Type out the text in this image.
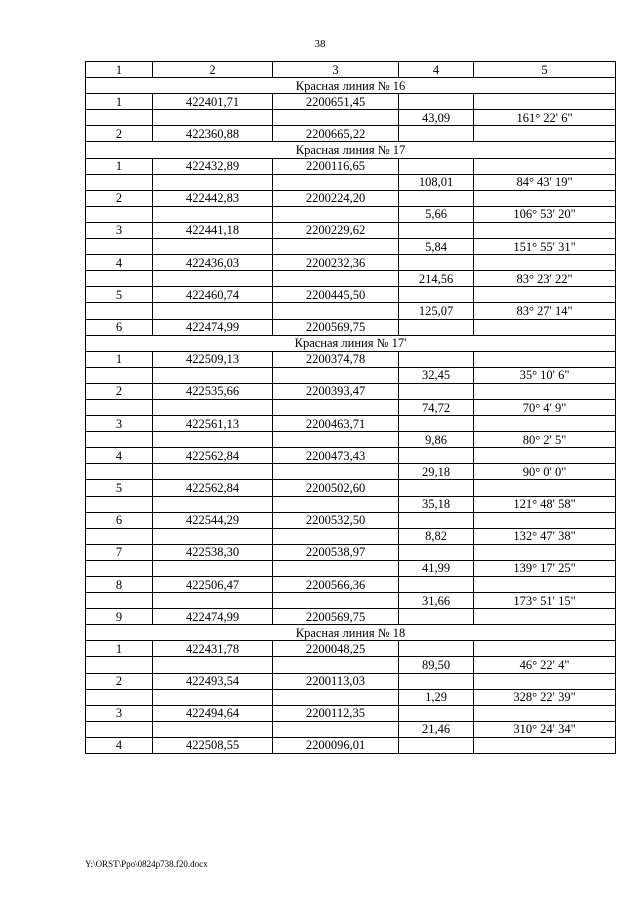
38
1	2	3	4	5
Красная линия № 16				
1	422401,71	2200651,45		
			43,09	161° 22' 6"
2	422360,88	2200665,22		
Красная линия № 17				
1	422432,89	2200116,65		
			108,01	84° 43' 19"
2	422442,83	2200224,20		
			5,66	106° 53' 20"
3	422441,18	2200229,62		
			5,84	151° 55' 31"
4	422436,03	2200232,36		
			214,56	83° 23' 22"
5	422460,74	2200445,50		
			125,07	83° 27' 14"
6	422474,99	2200569,75		
Красная линия № 17'				
1	422509,13	2200374,78		
			32,45	35° 10' 6"
2	422535,66	2200393,47		
			74,72	70° 4' 9"
3	422561,13	2200463,71		
			9,86	80° 2' 5"
4	422562,84	2200473,43		
			29,18	90° 0' 0"
5	422562,84	2200502,60		
			35,18	121° 48' 58"
6	422544,29	2200532,50		
			8,82	132° 47' 38"
7	422538,30	2200538,97		
			41,99	139° 17' 25"
8	422506,47	2200566,36		
			31,66	173° 51' 15"
9	422474,99	2200569,75		
Красная линия № 18				
1	422431,78	2200048,25		
			89,50	46° 22' 4"
2	422493,54	2200113,03		
			1,29	328° 22' 39"
3	422494,64	2200112,35		
			21,46	310° 24' 34"
4	422508,55	2200096,01		
Y:\ORST\Ppo\0824p738.f20.docx
